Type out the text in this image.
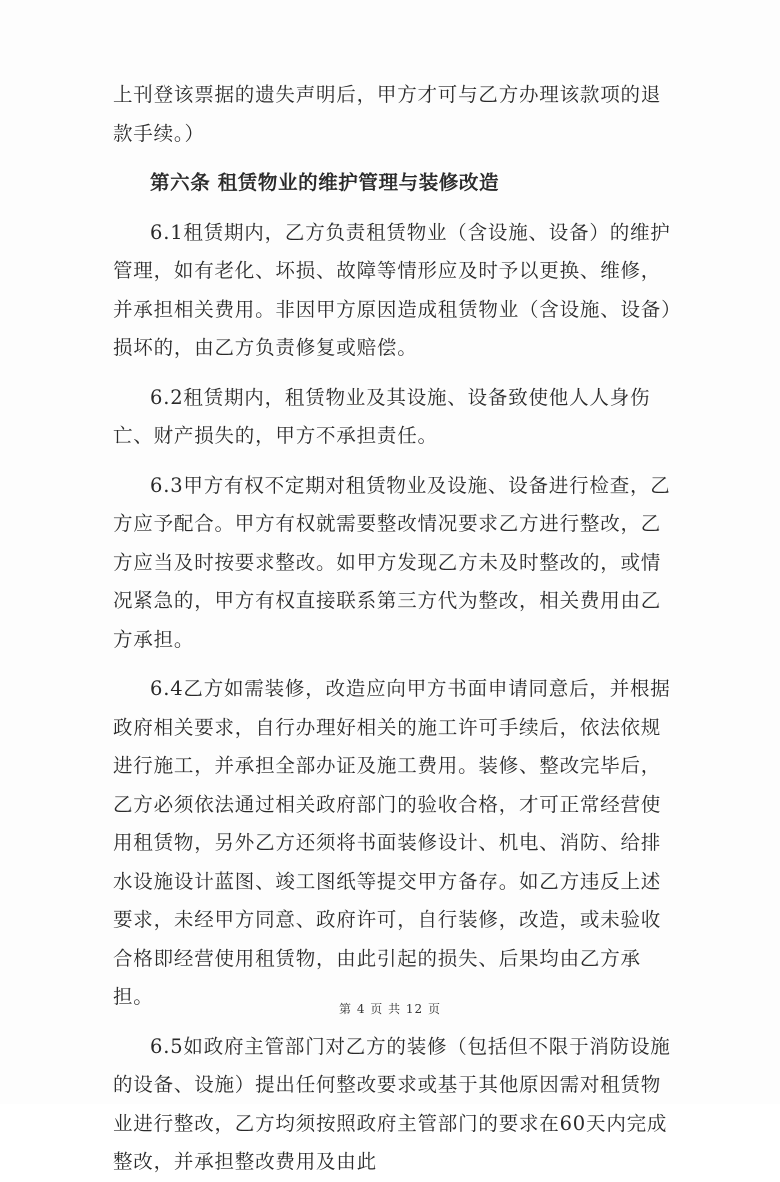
上刊登该票据的遗失声明后，甲方才可与乙方办理该款项的退款手续。）

第六条 租赁物业的维护管理与装修改造

6.1租赁期内，乙方负责租赁物业（含设施、设备）的维护管理，如有老化、坏损、故障等情形应及时予以更换、维修，并承担相关费用。非因甲方原因造成租赁物业（含设施、设备）损坏的，由乙方负责修复或赔偿。

6.2租赁期内，租赁物业及其设施、设备致使他人人身伤亡、财产损失的，甲方不承担责任。

6.3甲方有权不定期对租赁物业及设施、设备进行检查，乙方应予配合。甲方有权就需要整改情况要求乙方进行整改，乙方应当及时按要求整改。如甲方发现乙方未及时整改的，或情况紧急的，甲方有权直接联系第三方代为整改，相关费用由乙方承担。

6.4乙方如需装修，改造应向甲方书面申请同意后，并根据政府相关要求，自行办理好相关的施工许可手续后，依法依规进行施工，并承担全部办证及施工费用。装修、整改完毕后，乙方必须依法通过相关政府部门的验收合格，才可正常经营使用租赁物，另外乙方还须将书面装修设计、机电、消防、给排水设施设计蓝图、竣工图纸等提交甲方备存。如乙方违反上述要求，未经甲方同意、政府许可，自行装修，改造，或未验收合格即经营使用租赁物，由此引起的损失、后果均由乙方承担。

6.5如政府主管部门对乙方的装修（包括但不限于消防设施的设备、设施）提出任何整改要求或基于其他原因需对租赁物业进行整改，乙方均须按照政府主管部门的要求在60天内完成整改，并承担整改费用及由此

第 4 页 共 12 页
